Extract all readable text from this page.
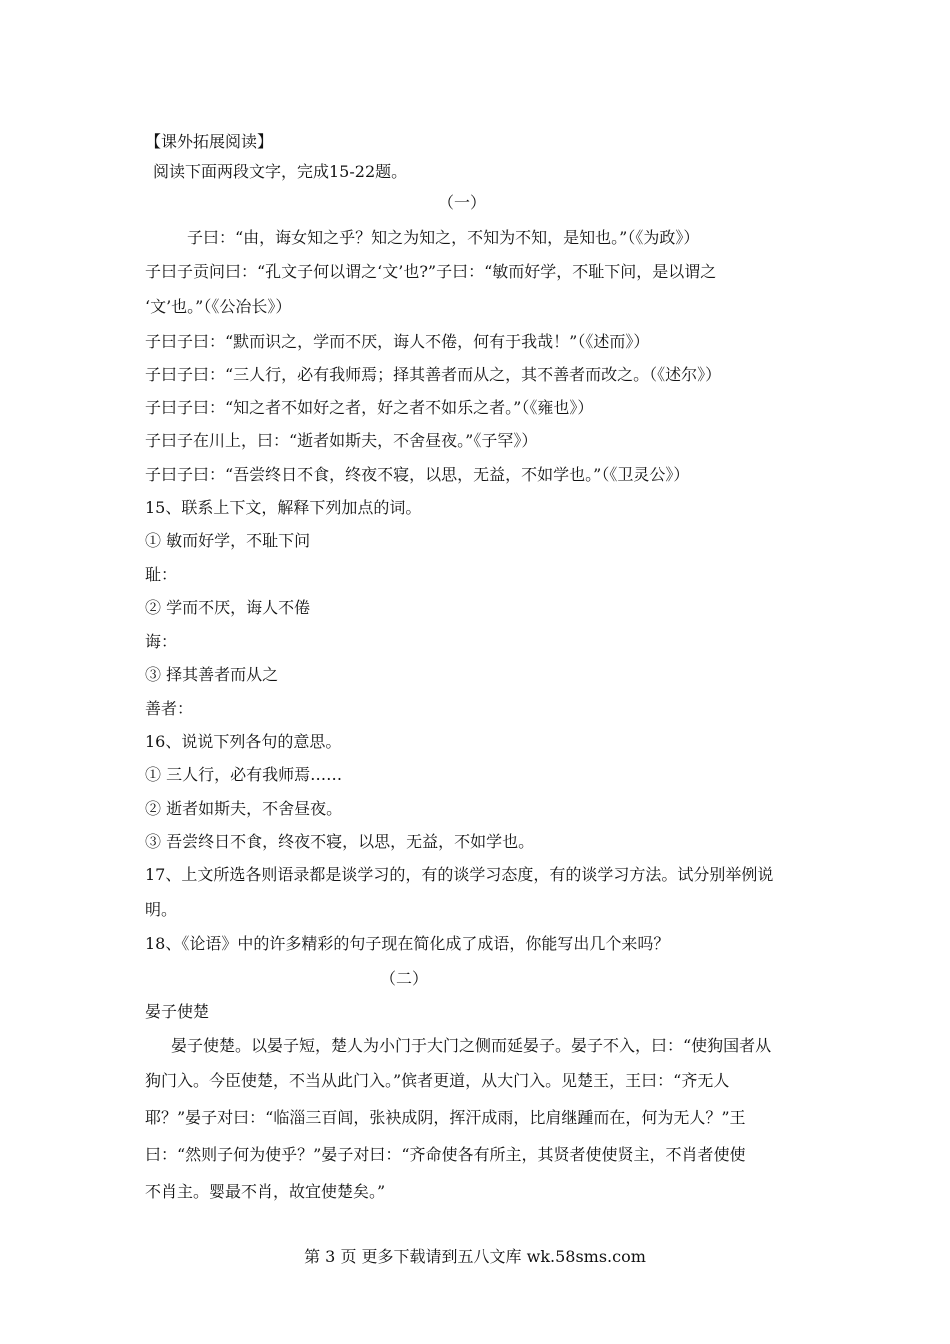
【课外拓展阅读】
阅读下面两段文字，完成15-22题。
（一）
子曰：“由，诲女知之乎？知之为知之，不知为不知，是知也。”（《为政》）
子曰子贡问曰：“孔文子何以谓之‘文’也?”子曰：“敏而好学，不耻下问，是以谓之
‘文’也。”（《公冶长》）
子曰子曰：“默而识之，学而不厌，诲人不倦，何有于我哉！”（《述而》）
子曰子曰：“三人行，必有我师焉；择其善者而从之，其不善者而改之。（《述尔》）
子曰子曰：“知之者不如好之者，好之者不如乐之者。”（《雍也》）
子曰子在川上，曰：“逝者如斯夫，不舍昼夜。”《子罕》）
子曰子曰：“吾尝终日不食，终夜不寝，以思，无益，不如学也。”（《卫灵公》）
15、联系上下文，解释下列加点的词。
① 敏而好学，不耻下问
耻：
② 学而不厌，诲人不倦
诲：
③ 择其善者而从之
善者：
16、说说下列各句的意思。
① 三人行，必有我师焉……
② 逝者如斯夫，不舍昼夜。
③ 吾尝终日不食，终夜不寝，以思，无益，不如学也。
17、上文所选各则语录都是谈学习的，有的谈学习态度，有的谈学习方法。试分别举例说
明。
18、《论语》中的许多精彩的句子现在简化成了成语，你能写出几个来吗？
（二）
晏子使楚
晏子使楚。以晏子短，楚人为小门于大门之侧而延晏子。晏子不入，曰：“使狗国者从
狗门入。今臣使楚，不当从此门入。”傧者更道，从大门入。见楚王，王曰：“齐无人
耶？”晏子对曰：“临淄三百闾，张袂成阴，挥汗成雨，比肩继踵而在，何为无人？”王
曰：“然则子何为使乎？”晏子对曰：“齐命使各有所主，其贤者使使贤主，不肖者使使
不肖主。婴最不肖，故宜使楚矣。”
第 3 页 更多下载请到五八文库 wk.58sms.com
